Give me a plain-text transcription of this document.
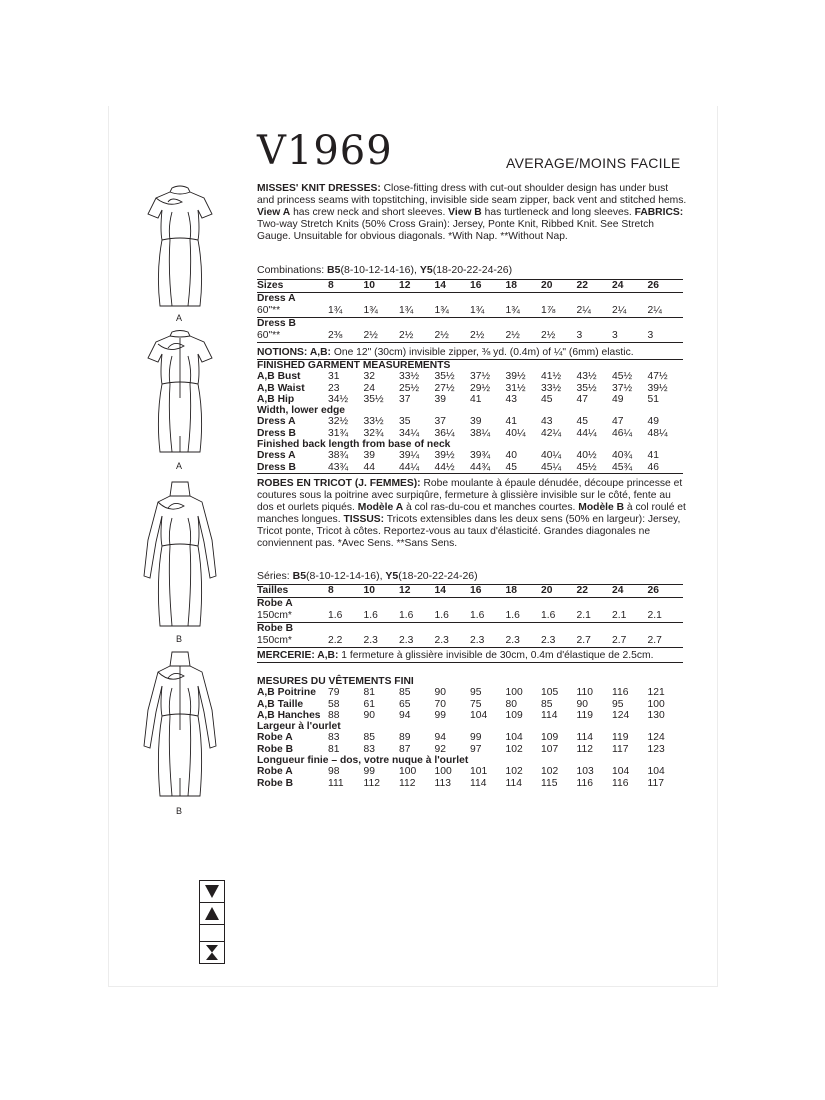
V1969	AVERAGE/MOINS FACILE
MISSES' KNIT DRESSES: Close-fitting dress with cut-out shoulder design has under bust and princess seams with topstitching, invisible side seam zipper, back vent and stitched hems. View A has crew neck and short sleeves. View B has turtleneck and long sleeves. FABRICS: Two-way Stretch Knits (50% Cross Grain): Jersey, Ponte Knit, Ribbed Knit. See Stretch Gauge. Unsuitable for obvious diagonals. *With Nap. **Without Nap.
A
A
B
B
Combinations: B5(8-10-12-14-16), Y5(18-20-22-24-26)
Sizes	8	10	12	14	16	18	20	22	24	26
Dress A										
60"**	1¾	1¾	1¾	1¾	1¾	1¾	1⅞	2¼	2¼	2¼
Dress B										
60"**	2⅜	2½	2½	2½	2½	2½	2½	3	3	3
NOTIONS: A,B: One 12" (30cm) invisible zipper, ⅜ yd. (0.4m) of ¼" (6mm) elastic.
FINISHED GARMENT MEASUREMENTS										
A,B Bust	31	32	33½	35½	37½	39½	41½	43½	45½	47½
A,B Waist	23	24	25½	27½	29½	31½	33½	35½	37½	39½
A,B Hip	34½	35½	37	39	41	43	45	47	49	51
Width, lower edge										
Dress A	32½	33½	35	37	39	41	43	45	47	49
Dress B	31¾	32¾	34¼	36¼	38¼	40¼	42¼	44¼	46¼	48¼
Finished back length from base of neck										
Dress A	38¾	39	39¼	39½	39¾	40	40¼	40½	40¾	41
Dress B	43¾	44	44¼	44½	44¾	45	45¼	45½	45¾	46
ROBES EN TRICOT (J. FEMMES): Robe moulante à épaule dénudée, découpe princesse et coutures sous la poitrine avec surpiqûre, fermeture à glissière invisible sur le côté, fente au dos et ourlets piqués. Modèle A à col ras-du-cou et manches courtes. Modèle B à col roulé et manches longues. TISSUS: Tricots extensibles dans les deux sens (50% en largeur): Jersey, Tricot ponte, Tricot à côtes. Reportez-vous au taux d'élasticité. Grandes diagonales ne conviennent pas. *Avec Sens. **Sans Sens.
Séries: B5(8-10-12-14-16), Y5(18-20-22-24-26)
Tailles	8	10	12	14	16	18	20	22	24	26
Robe A										
150cm*	1.6	1.6	1.6	1.6	1.6	1.6	1.6	2.1	2.1	2.1
Robe B										
150cm*	2.2	2.3	2.3	2.3	2.3	2.3	2.3	2.7	2.7	2.7
MERCERIE: A,B: 1 fermeture à glissière invisible de 30cm, 0.4m d'élastique de 2.5cm.
MESURES DU VÊTEMENTS FINI										
A,B Poitrine	79	81	85	90	95	100	105	110	116	121
A,B Taille	58	61	65	70	75	80	85	90	95	100
A,B Hanches	88	90	94	99	104	109	114	119	124	130
Largeur à l'ourlet										
Robe A	83	85	89	94	99	104	109	114	119	124
Robe B	81	83	87	92	97	102	107	112	117	123
Longueur finie – dos, votre nuque à l'ourlet										
Robe A	98	99	100	100	101	102	102	103	104	104
Robe B	111	112	112	113	114	114	115	116	116	117
